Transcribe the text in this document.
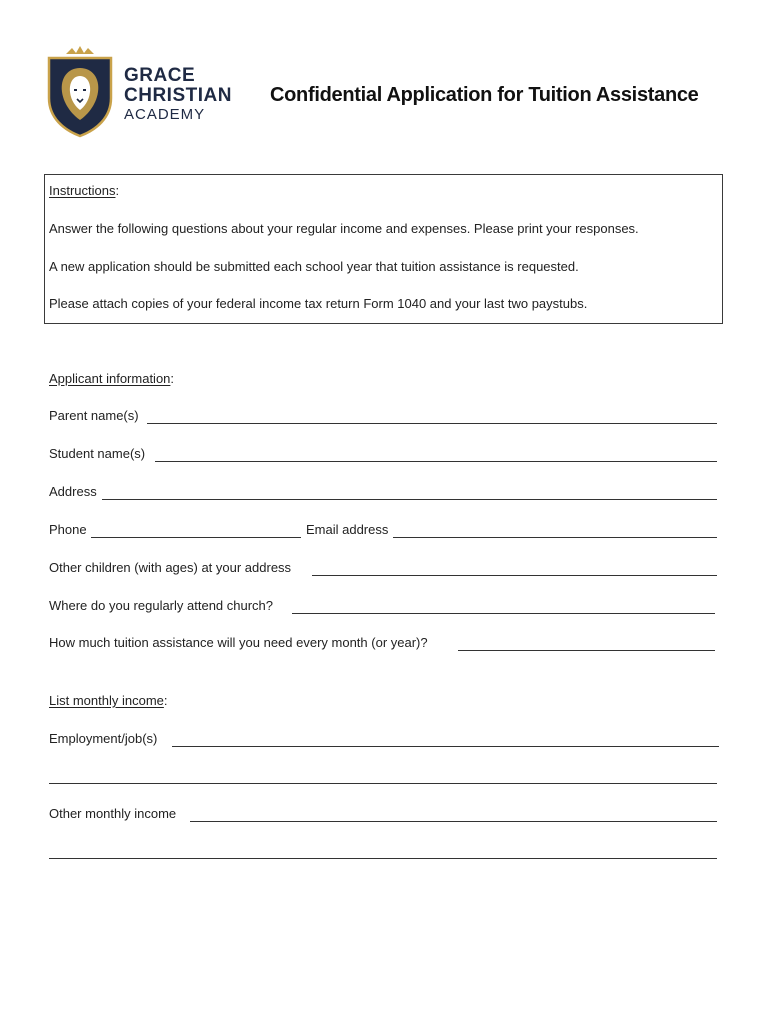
GRACE
CHRISTIAN
ACADEMY
Confidential Application for Tuition Assistance
Instructions:
Answer the following questions about your regular income and expenses. Please print your responses.
A new application should be submitted each school year that tuition assistance is requested.
Please attach copies of your federal income tax return Form 1040 and your last two paystubs.
Applicant information:
Parent name(s)
Student name(s)
Address
Phone	Email address
Other children (with ages) at your address
Where do you regularly attend church?
How much tuition assistance will you need every month (or year)?
List monthly income:
Employment/job(s)
Other monthly income
